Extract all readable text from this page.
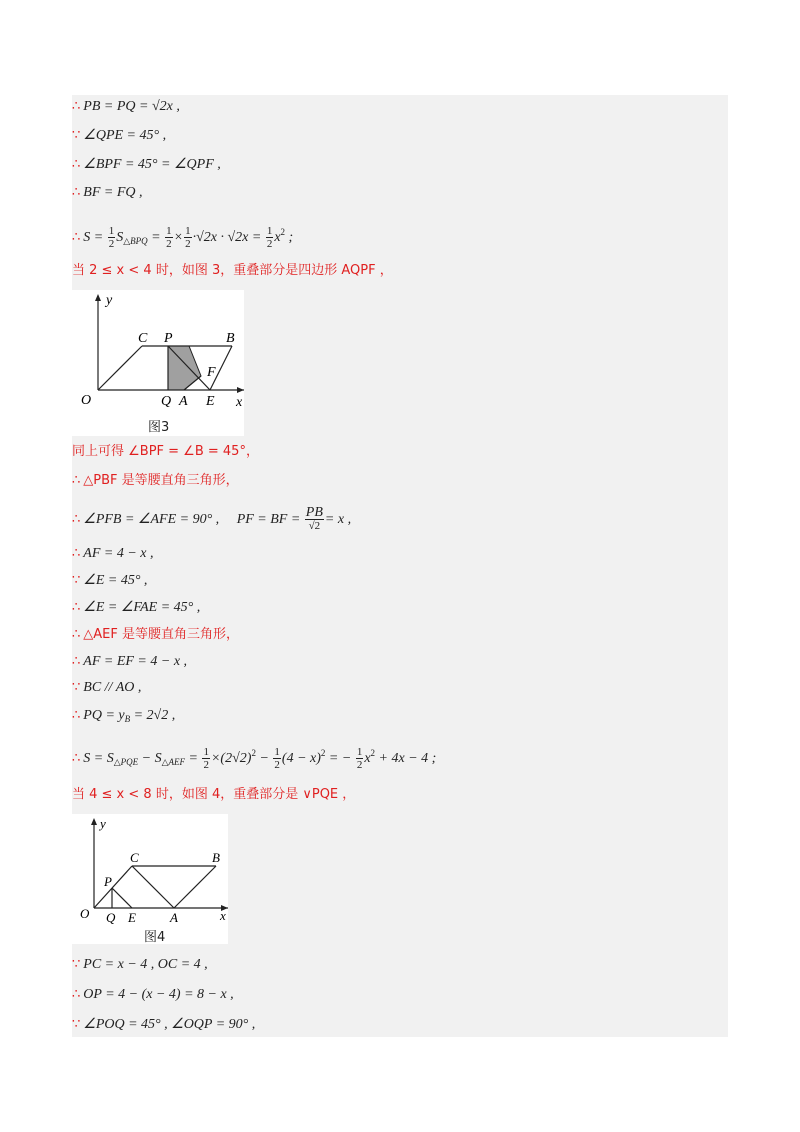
∴ PB = PQ = √2x ,
∵ ∠QPE = 45° ,
∴ ∠BPF = 45° = ∠QPF ,
∴ BF = FQ ,
∴ $S = \frac{1}{2} S_{\triangle BPQ} = \frac{1}{2} \times \frac{1}{2} \cdot√2x \cdot √2x = \frac{1}{2} x^2$ ;
当 2 ≤ x < 4 时，如图 3，重叠部分是四边形 AQPF ，
y
x
O
C P	B
F
Q A E
图3
同上可得 ∠BPF = ∠B = 45°，
∴ △PBF 是等腰直角三角形，
∴ ∠PFB = ∠AFE = 90° , PF = BF = $\frac{PB}{√2} = x$ ,
∴ AF = 4 − x ,
∵ ∠E = 45° ,
∴ ∠E = ∠FAE = 45° ,
∴ △AEF 是等腰直角三角形，
∴ AF = EF = 4 − x ,
∵ BC // AO ,
∴ PQ = $y_B = 2√2$ ,
∴ $S = S_{\triangle PQE} - S_{\triangle AEF} = \frac{1}{2} \times(2√2)^2 - \frac{1}{2} (4 - x)^2$ = − $\frac{1}{2} x^2 + 4x - 4$ ;
当 4 ≤ x < 8 时，如图 4，重叠部分是 ∨PQE ，
y
x
O
C
P
B
Q E	A
图4
∵ PC = x − 4 , OC = 4 ,
∴ OP = 4 − (x − 4) = 8 − x ,
∵ ∠POQ = 45° , ∠OQP = 90° ,
